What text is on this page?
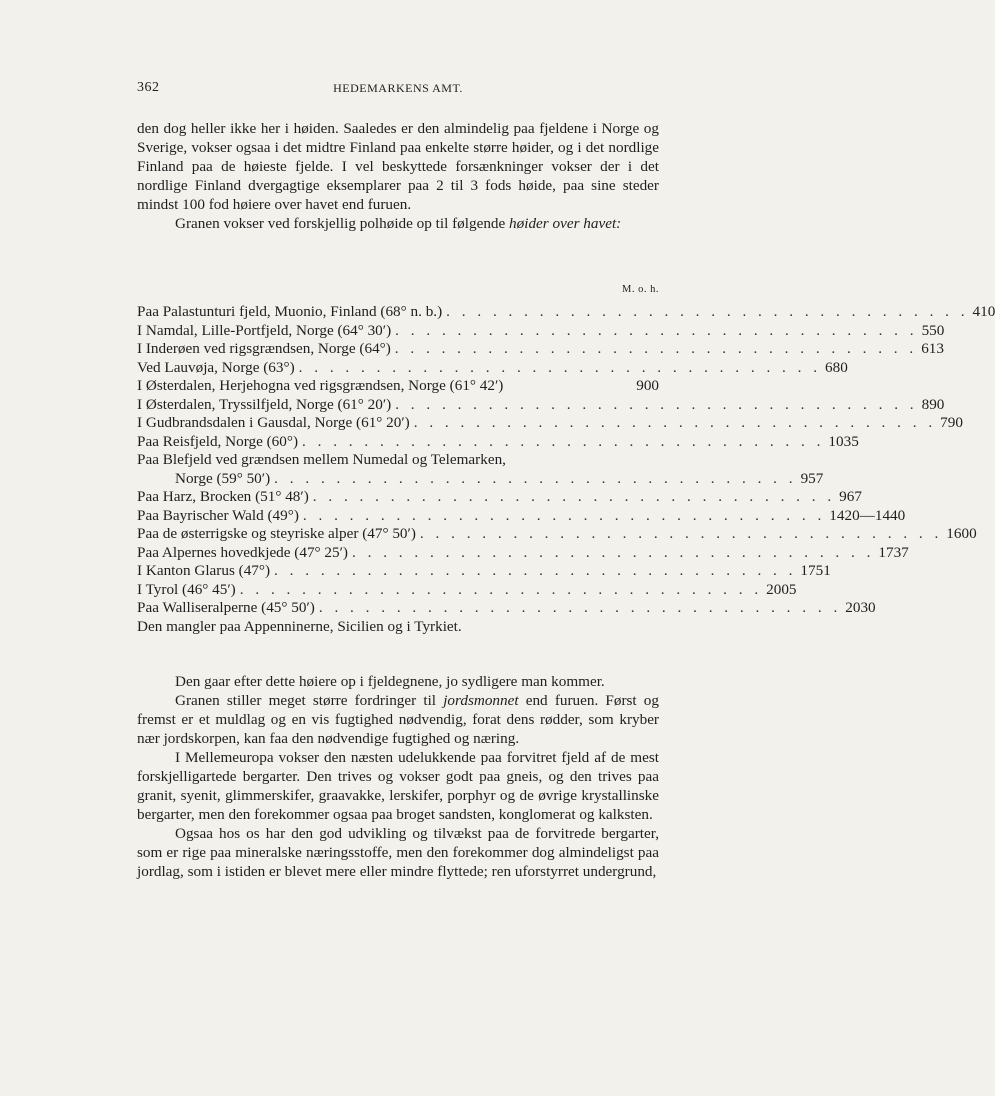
362	HEDEMARKENS AMT.

den dog heller ikke her i høiden. Saaledes er den almindelig paa fjeldene i Norge og Sverige, vokser ogsaa i det midtre Finland paa enkelte større høider, og i det nordlige Finland paa de høieste fjelde. I vel beskyttede forsænkninger vokser der i det nordlige Finland dvergagtige eksemplarer paa 2 til 3 fods høide, paa sine steder mindst 100 fod høiere over havet end furuen.

Granen vokser ved forskjellig polhøide op til følgende høider over havet:

M. o. h.
Paa Palastunturi fjeld, Muonio, Finland (68° n. b.) . . . . . . . . . . . . . . . . . . . . . . . . . . . . . . . . . . 410
I Namdal, Lille-Portfjeld, Norge (64° 30′) . . . . . . . . . . . . . . . . . . . . . . . . . . . . . . . . . . 550
I Inderøen ved rigsgrændsen, Norge (64°) . . . . . . . . . . . . . . . . . . . . . . . . . . . . . . . . . . 613
Ved Lauvøja, Norge (63°) . . . . . . . . . . . . . . . . . . . . . . . . . . . . . . . . . . 680
I Østerdalen, Herjehogna ved rigsgrændsen, Norge (61° 42′)	900
I Østerdalen, Tryssilfjeld, Norge (61° 20′) . . . . . . . . . . . . . . . . . . . . . . . . . . . . . . . . . . 890
I Gudbrandsdalen i Gausdal, Norge (61° 20′) . . . . . . . . . . . . . . . . . . . . . . . . . . . . . . . . . . 790
Paa Reisfjeld, Norge (60°) . . . . . . . . . . . . . . . . . . . . . . . . . . . . . . . . . . 1035
Paa Blefjeld ved grændsen mellem Numedal og Telemarken,
Norge (59° 50′) . . . . . . . . . . . . . . . . . . . . . . . . . . . . . . . . . . 957
Paa Harz, Brocken (51° 48′) . . . . . . . . . . . . . . . . . . . . . . . . . . . . . . . . . . 967
Paa Bayrischer Wald (49°) . . . . . . . . . . . . . . . . . . . . . . . . . . . . . . . . . . 1420—1440
Paa de østerrigske og steyriske alper (47° 50′) . . . . . . . . . . . . . . . . . . . . . . . . . . . . . . . . . . 1600
Paa Alpernes hovedkjede (47° 25′) . . . . . . . . . . . . . . . . . . . . . . . . . . . . . . . . . . 1737
I Kanton Glarus (47°) . . . . . . . . . . . . . . . . . . . . . . . . . . . . . . . . . . 1751
I Tyrol (46° 45′) . . . . . . . . . . . . . . . . . . . . . . . . . . . . . . . . . . 2005
Paa Walliseralperne (45° 50′) . . . . . . . . . . . . . . . . . . . . . . . . . . . . . . . . . . 2030
Den mangler paa Appenninerne, Sicilien og i Tyrkiet.

Den gaar efter dette høiere op i fjeldegnene, jo sydligere man kommer.

Granen stiller meget større fordringer til jordsmonnet end furuen. Først og fremst er et muldlag og en vis fugtighed nødvendig, forat dens rødder, som kryber nær jordskorpen, kan faa den nødvendige fugtighed og næring.

I Mellemeuropa vokser den næsten udelukkende paa forvitret fjeld af de mest forskjelligartede bergarter. Den trives og vokser godt paa gneis, og den trives paa granit, syenit, glimmerskifer, graavakke, lerskifer, porphyr og de øvrige krystallinske bergarter, men den forekommer ogsaa paa broget sandsten, konglomerat og kalksten.

Ogsaa hos os har den god udvikling og tilvækst paa de forvitrede bergarter, som er rige paa mineralske næringsstoffe, men den forekommer dog almindeligst paa jordlag, som i istiden er blevet mere eller mindre flyttede; ren uforstyrret undergrund,
